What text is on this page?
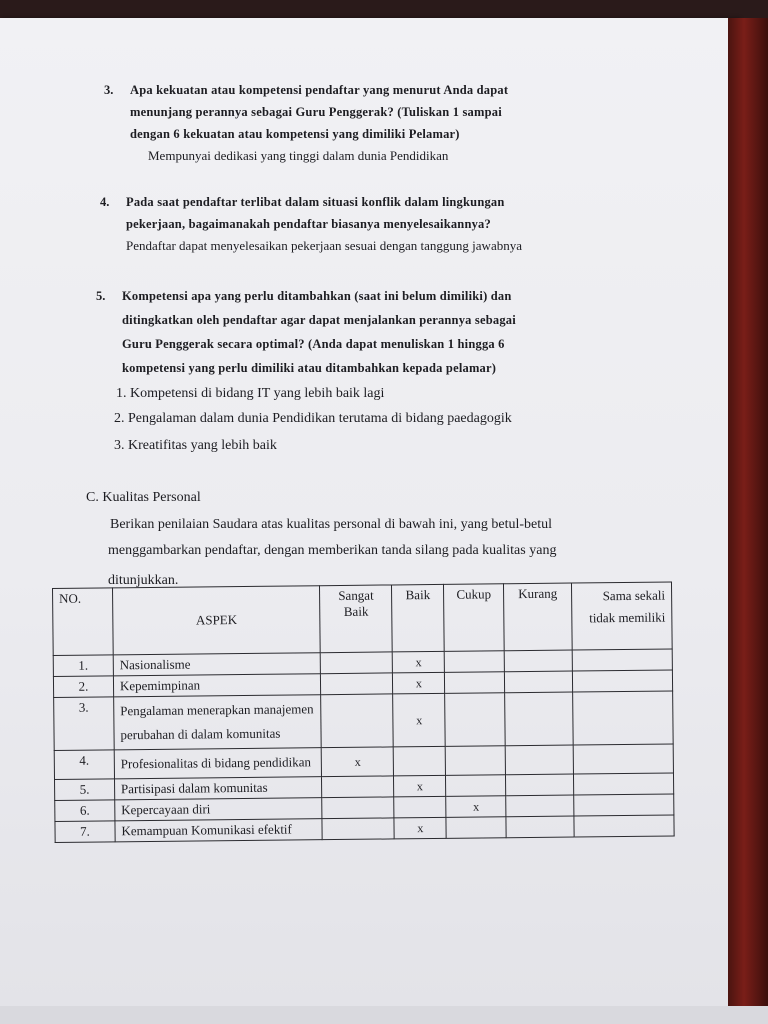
3. Apa kekuatan atau kompetensi pendaftar yang menurut Anda dapat
menunjang perannya sebagai Guru Penggerak? (Tuliskan 1 sampai
dengan 6 kekuatan atau kompetensi yang dimiliki Pelamar)
Mempunyai dedikasi yang tinggi dalam dunia Pendidikan
4. Pada saat pendaftar terlibat dalam situasi konflik dalam lingkungan
pekerjaan, bagaimanakah pendaftar biasanya menyelesaikannya?
Pendaftar dapat menyelesaikan pekerjaan sesuai dengan tanggung jawabnya
5. Kompetensi apa yang perlu ditambahkan (saat ini belum dimiliki) dan
ditingkatkan oleh pendaftar agar dapat menjalankan perannya sebagai
Guru Penggerak secara optimal? (Anda dapat menuliskan 1 hingga 6
kompetensi yang perlu dimiliki atau ditambahkan kepada pelamar)
1. Kompetensi di bidang IT yang lebih baik lagi
2. Pengalaman dalam dunia Pendidikan terutama di bidang paedagogik
3. Kreatifitas yang lebih baik
C. Kualitas Personal
Berikan penilaian Saudara atas kualitas personal di bawah ini, yang betul-betul
menggambarkan pendaftar, dengan memberikan tanda silang pada kualitas yang
ditunjukkan.
NO.	ASPEK	Sangat Baik	Baik	Cukup	Kurang	Sama sekali tidak memiliki
1.	Nasionalisme		x			
2.	Kepemimpinan		x			
3.	Pengalaman menerapkan manajemen perubahan di dalam komunitas		x			
4.	Profesionalitas di bidang pendidikan	x				
5.	Partisipasi dalam komunitas		x			
6.	Kepercayaan diri			x		
7.	Kemampuan Komunikasi efektif		x			
